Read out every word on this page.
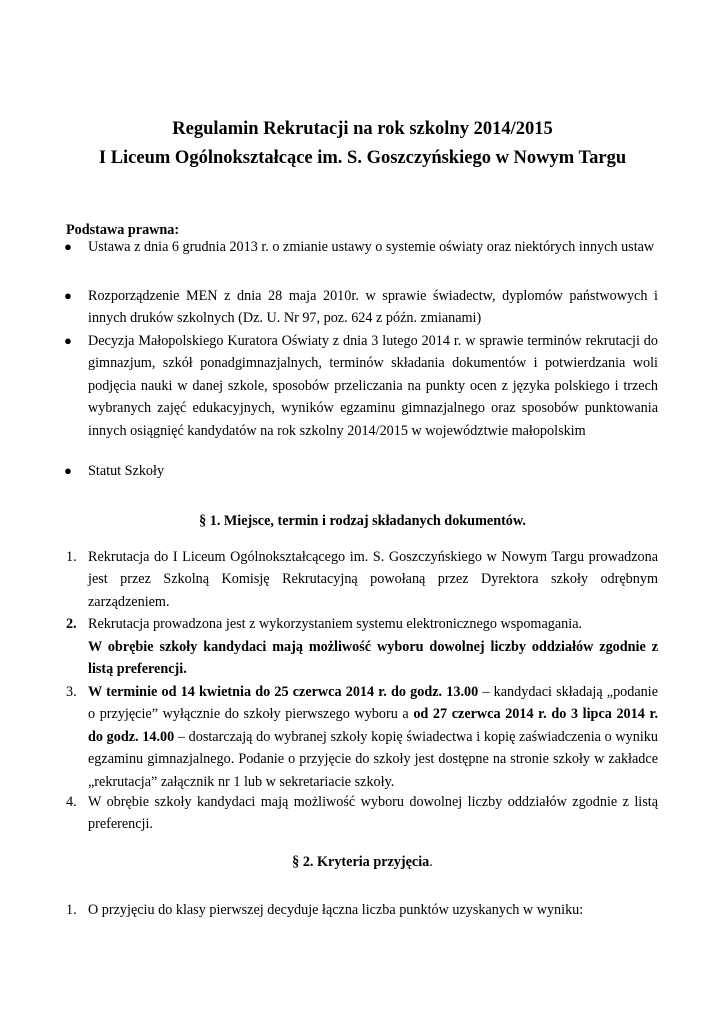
Regulamin Rekrutacji na rok szkolny 2014/2015
I Liceum Ogólnokształcące im. S. Goszczyńskiego w Nowym Targu
Podstawa prawna:
● Ustawa z dnia 6 grudnia 2013 r. o zmianie ustawy o systemie oświaty oraz niektórych innych ustaw
● Rozporządzenie MEN z dnia 28 maja 2010r. w sprawie świadectw, dyplomów państwowych i innych druków szkolnych (Dz. U. Nr 97, poz. 624 z późn. zmianami)
● Decyzja Małopolskiego Kuratora Oświaty z dnia 3 lutego 2014 r. w sprawie terminów rekrutacji do gimnazjum, szkół ponadgimnazjalnych, terminów składania dokumentów i potwierdzania woli podjęcia nauki w danej szkole, sposobów przeliczania na punkty ocen z języka polskiego i trzech wybranych zajęć edukacyjnych, wyników egzaminu gimnazjalnego oraz sposobów punktowania innych osiągnięć kandydatów na rok szkolny 2014/2015 w województwie małopolskim
● Statut Szkoły
§ 1. Miejsce, termin i rodzaj składanych dokumentów.
1. Rekrutacja do I Liceum Ogólnokształcącego im. S. Goszczyńskiego w Nowym Targu prowadzona jest przez Szkolną Komisję Rekrutacyjną powołaną przez Dyrektora szkoły odrębnym zarządzeniem.
2. Rekrutacja prowadzona jest z wykorzystaniem systemu elektronicznego wspomagania.
W obrębie szkoły kandydaci mają możliwość wyboru dowolnej liczby oddziałów zgodnie z listą preferencji.
3. W terminie od 14 kwietnia do 25 czerwca 2014 r. do godz. 13.00 – kandydaci składają „podanie o przyjęcie” wyłącznie do szkoły pierwszego wyboru a od 27 czerwca 2014 r. do 3 lipca 2014 r. do godz. 14.00 – dostarczają do wybranej szkoły kopię świadectwa i kopię zaświadczenia o wyniku egzaminu gimnazjalnego. Podanie o przyjęcie do szkoły jest dostępne na stronie szkoły w zakładce „rekrutacja” załącznik nr 1 lub w sekretariacie szkoły.
4. W obrębie szkoły kandydaci mają możliwość wyboru dowolnej liczby oddziałów zgodnie z listą preferencji.
§ 2. Kryteria przyjęcia.
1. O przyjęciu do klasy pierwszej decyduje łączna liczba punktów uzyskanych w wyniku:
